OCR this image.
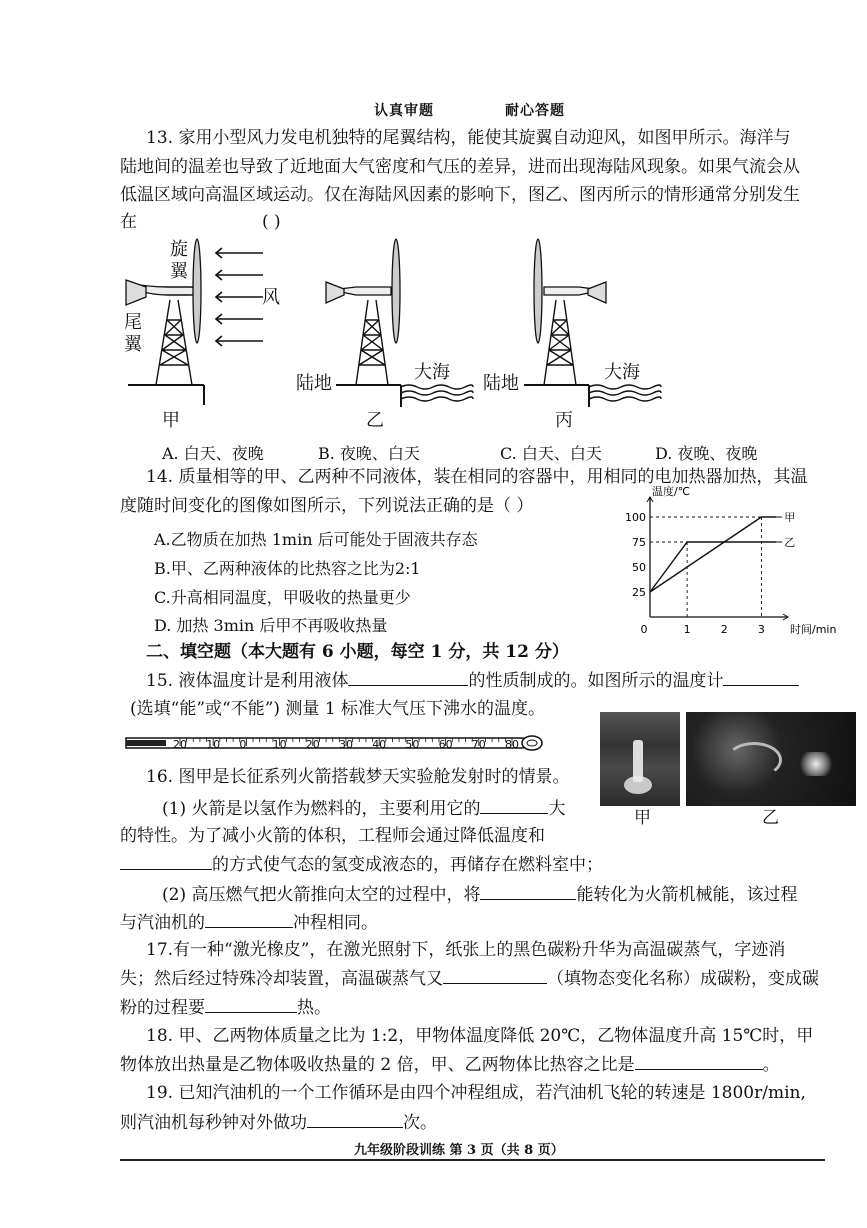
认真审题	耐心答题
13. 家用小型风力发电机独特的尾翼结构，能使其旋翼自动迎风，如图甲所示。海洋与
陆地间的温差也导致了近地面大气密度和气压的差异，进而出现海陆风现象。如果气流会从
低温区域向高温区域运动。仅在海陆风因素的影响下，图乙、图丙所示的情形通常分别发生
在	( )
旋
翼
尾
翼
风
陆地
大海
陆地
大海
甲	乙	丙
A. 白天、夜晚	B. 夜晚、白天	C. 白天、白天	D. 夜晚、夜晚
14. 质量相等的甲、乙两种不同液体，装在相同的容器中，用相同的电加热器加热，其温
度随时间变化的图像如图所示，下列说法正确的是（ ）
A.乙物质在加热 1min 后可能处于固液共存态
B.甲、乙两种液体的比热容之比为2:1
C.升高相同温度，甲吸收的热量更少
D. 加热 3min 后甲不再吸收热量
温度/℃
时间/min
100
75
50
25
0	1	2	3
甲
乙
二、填空题（本大题有 6 小题，每空 1 分，共 12 分）
15. 液体温度计是利用液体	的性质制成的。如图所示的温度计
(选填“能”或“不能”) 测量 1 标准大气压下沸水的温度。
20 10 0 10 20 30 40 50 60 70 80
甲	乙
16. 图甲是长征系列火箭搭载梦天实验舱发射时的情景。
(1) 火箭是以氢作为燃料的，主要利用它的	大
的特性。为了减小火箭的体积，工程师会通过降低温度和
的方式使气态的氢变成液态的，再储存在燃料室中；
(2) 高压燃气把火箭推向太空的过程中，将	能转化为火箭机械能，该过程
与汽油机的	冲程相同。
17.有一种“激光橡皮”，在激光照射下，纸张上的黑色碳粉升华为高温碳蒸气，字迹消
失；然后经过特殊冷却装置，高温碳蒸气又	（填物态变化名称）成碳粉，变成碳
粉的过程要	热。
18. 甲、乙两物体质量之比为 1:2，甲物体温度降低 20℃，乙物体温度升高 15℃时，甲
物体放出热量是乙物体吸收热量的 2 倍，甲、乙两物体比热容之比是	。
19. 已知汽油机的一个工作循环是由四个冲程组成，若汽油机飞轮的转速是 1800r/min,
则汽油机每秒钟对外做功	次。
九年级阶段训练 第 3 页（共 8 页）
